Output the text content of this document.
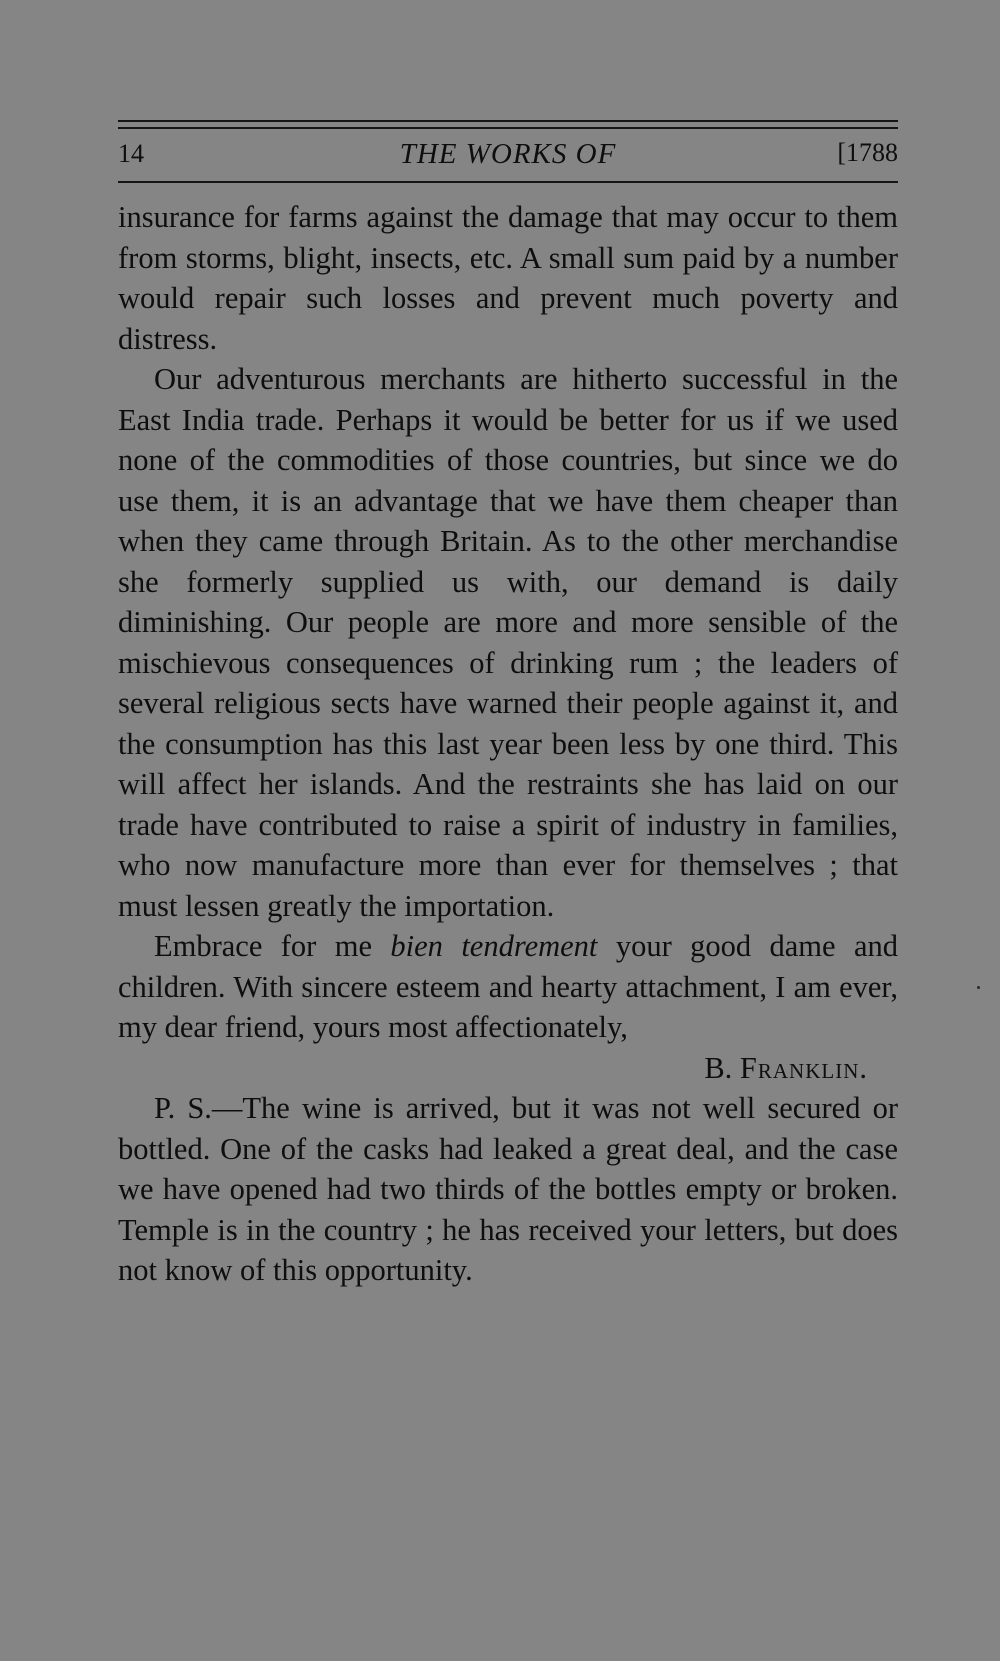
14	THE WORKS OF	[1788

insurance for farms against the damage that may occur to them from storms, blight, insects, etc. A small sum paid by a number would repair such losses and prevent much poverty and distress.

Our adventurous merchants are hitherto successful in the East India trade. Perhaps it would be better for us if we used none of the commodities of those countries, but since we do use them, it is an advantage that we have them cheaper than when they came through Britain. As to the other merchandise she formerly supplied us with, our demand is daily diminishing. Our people are more and more sensible of the mischievous consequences of drinking rum ; the leaders of several religious sects have warned their people against it, and the consumption has this last year been less by one third. This will affect her islands. And the restraints she has laid on our trade have contributed to raise a spirit of industry in families, who now manufacture more than ever for themselves ; that must lessen greatly the importation.

Embrace for me bien tendrement your good dame and children. With sincere esteem and hearty attachment, I am ever, my dear friend, yours most affectionately,

B. Franklin.

P. S.—The wine is arrived, but it was not well secured or bottled. One of the casks had leaked a great deal, and the case we have opened had two thirds of the bottles empty or broken. Temple is in the country ; he has received your letters, but does not know of this opportunity.
